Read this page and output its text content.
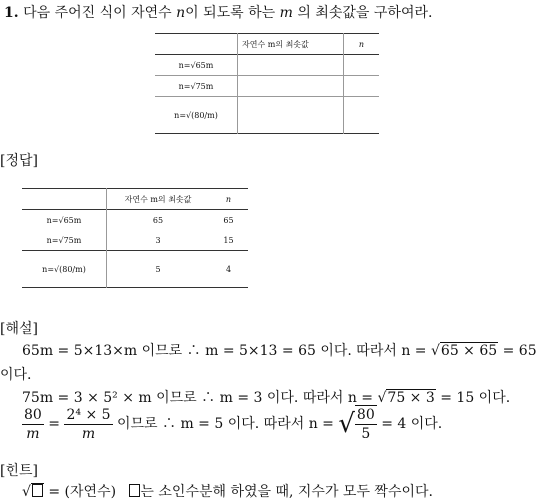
1. 다음 주어진 식이 자연수 n이 되도록 하는 m 의 최솟값을 구하여라.
	자연수 m의 최솟값	n
n=√65m		
n=√75m		
n=√(80/m)		
[정답]
	자연수 m의 최솟값	n
n=√65m	65	65
n=√75m	3	15
n=√(80/m)	5	4
[해설]
65m = 5×13×m 이므로 ∴ m = 5×13 = 65 이다. 따라서 n = √65 × 65 = 65
이다.
75m = 3 × 5² × m 이므로 ∴ m = 3 이다. 따라서 n = √75 × 3 = 15 이다.
$\frac{80}{m} = \frac{\text{2⁴ × 5}}{m}$ 이므로 ∴ m = 5 이다. 따라서 n = √ $\frac{80}{5} = 4$ 이다.
[힌트]
√ = (자연수) 는 소인수분해 하였을 때, 지수가 모두 짝수이다.
